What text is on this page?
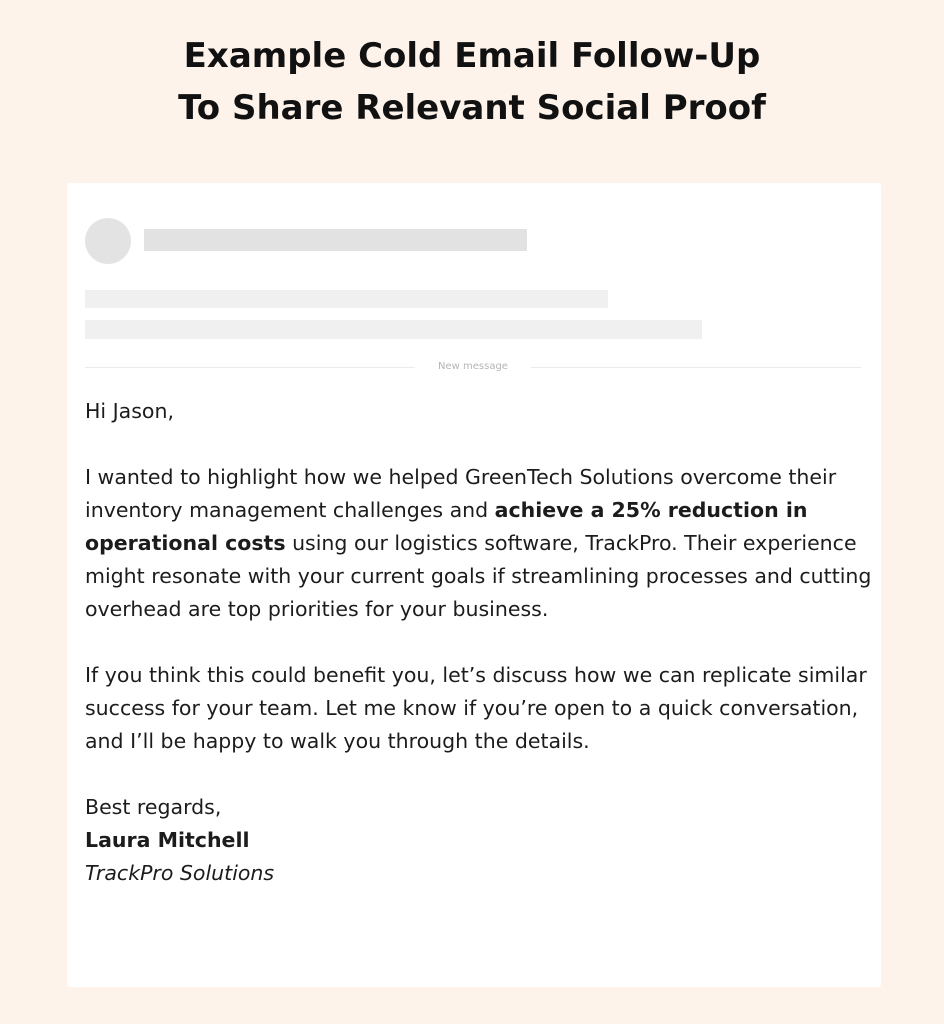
Example Cold Email Follow-Up
To Share Relevant Social Proof
New message

Hi Jason,

I wanted to highlight how we helped GreenTech Solutions overcome their inventory management challenges and achieve a 25% reduction in operational costs using our logistics software, TrackPro. Their experience might resonate with your current goals if streamlining processes and cutting overhead are top priorities for your business.

If you think this could benefit you, let’s discuss how we can replicate similar success for your team. Let me know if you’re open to a quick conversation, and I’ll be happy to walk you through the details.

Best regards,
Laura Mitchell
TrackPro Solutions
